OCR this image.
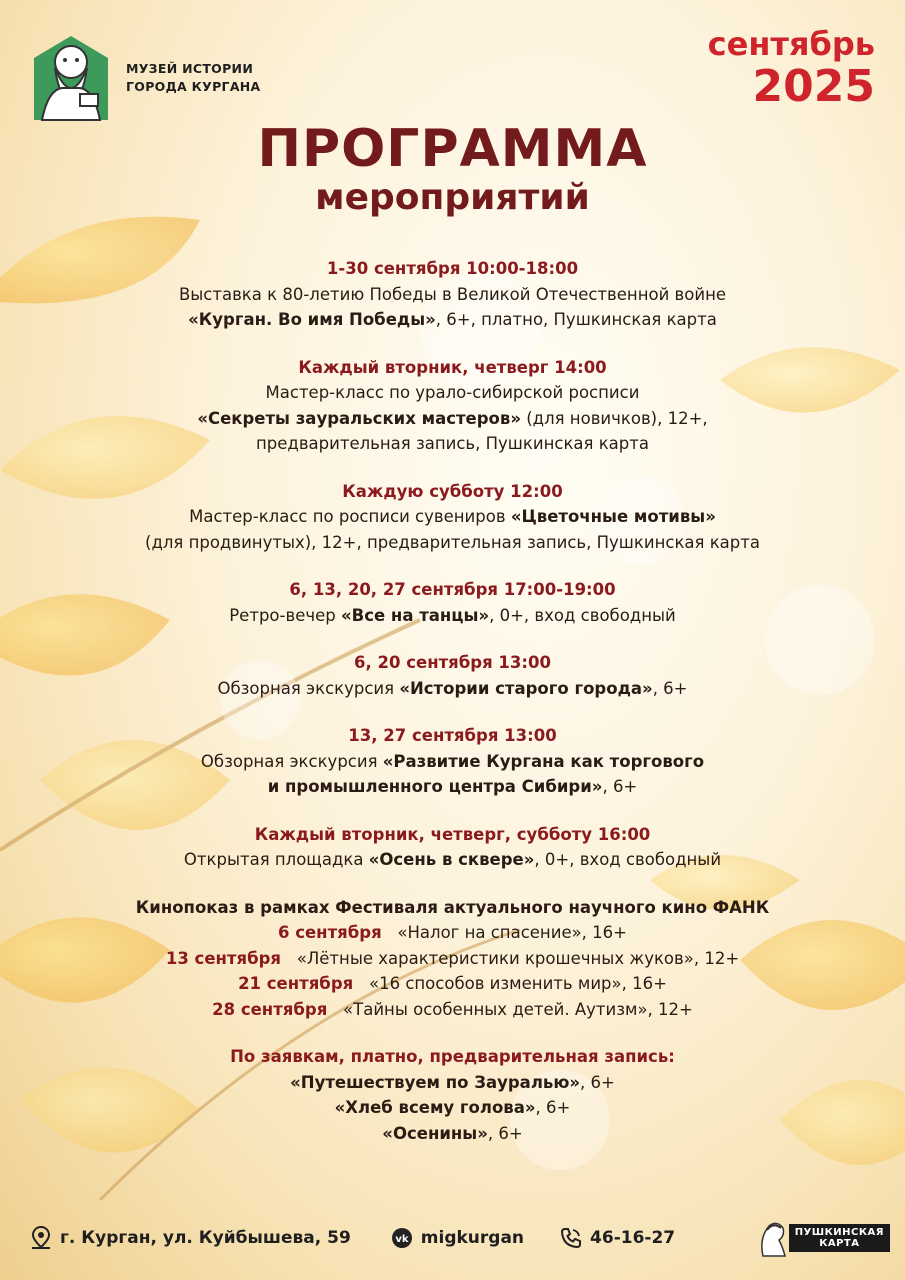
МУЗЕЙ ИСТОРИИ
ГОРОДА КУРГАНА
сентябрь
2025
ПРОГРАММА
мероприятий
1-30 сентября 10:00-18:00
Выставка к 80-летию Победы в Великой Отечественной войне
«Курган. Во имя Победы», 6+, платно, Пушкинская карта
Каждый вторник, четверг 14:00
Мастер-класс по урало-сибирской росписи
«Секреты зауральских мастеров» (для новичков), 12+,
предварительная запись, Пушкинская карта
Каждую субботу 12:00
Мастер-класс по росписи сувениров «Цветочные мотивы»
(для продвинутых), 12+, предварительная запись, Пушкинская карта
6, 13, 20, 27 сентября 17:00-19:00
Ретро-вечер «Все на танцы», 0+, вход свободный
6, 20 сентября 13:00
Обзорная экскурсия «Истории старого города», 6+
13, 27 сентября 13:00
Обзорная экскурсия «Развитие Кургана как торгового
и промышленного центра Сибири», 6+
Каждый вторник, четверг, субботу 16:00
Открытая площадка «Осень в сквере», 0+, вход свободный
Кинопоказ в рамках Фестиваля актуального научного кино ФАНК
6 сентября «Налог на спасение», 16+
13 сентября «Лётные характеристики крошечных жуков», 12+
21 сентября «16 способов изменить мир», 16+
28 сентября «Тайны особенных детей. Аутизм», 12+
По заявкам, платно, предварительная запись:
«Путешествуем по Зауралью», 6+
«Хлеб всему голова», 6+
«Осенины», 6+
г. Курган, ул. Куйбышева, 59	vk migkurgan	46-16-27	ПУШКИНСКАЯ
КАРТА
